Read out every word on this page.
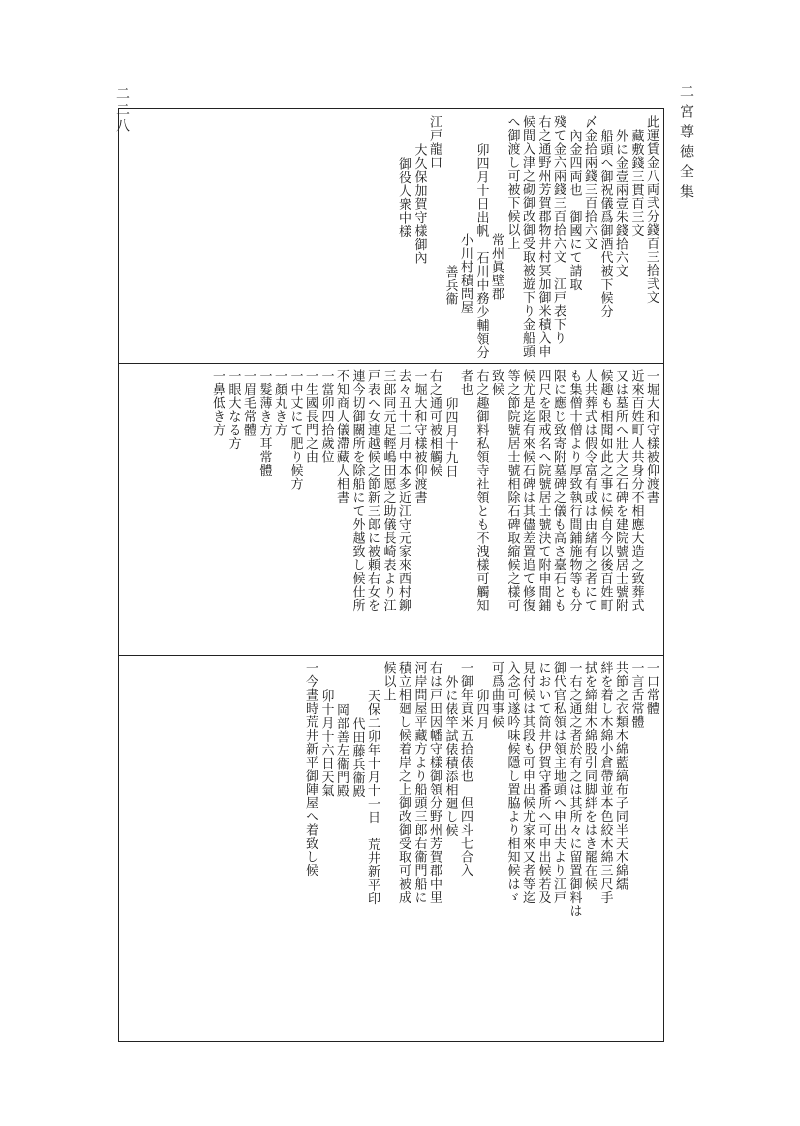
二宮尊徳全集
二二八
此運賃金八両弐分錢百三拾弐文
藏敷錢三貫百三文
外に金壹兩壹朱錢拾六文
船頭へ御祝儀爲御酒代被下候分
〆金拾兩錢三百拾六文
內金四両也　御國にて請取
殘て金六兩錢三百拾六文　江戸表下り
右之通野州芳賀郡物井村冥加御米積入申
候間入津之砌御改御受取被遊下り金船頭
へ御渡し可被下候以上
常州眞壁郡
卯四月十日出帆　石川中務少輔領分
小川村積問屋
善兵衞
江戸龍口
大久保加賀守樣御內
御役人衆中樣
一堀大和守樣被仰渡書
近來百姓町人共身分不相應大造之致葬式
又は墓所へ壯大之石碑を建院號居士號附
候趣も相聞如此之事に候自今以後百姓町
人共葬式は假令富有或は由緒有之者にて
も集僧十僧より厚致執行間鋪施物等も分
限に應じ致寄附墓碑之儀も高さ臺石とも
四尺を限戒名へ院號居士號決て附申間鋪
候尤是迄有來候石碑は其儘差置追て修復
等之節院號居士號相除石碑取縮候之樣可
致候
右之趣御料私領寺社領とも不洩樣可觸知
者也
卯四月十九日
右之通可被相觸候
一堀大和守樣被仰渡書
去々丑十二月中本多近江守元家來西村鉚
三郎同元足輕嶋田愿之助儀長崎表より江
戸表へ女連越候之節新三郎に被頼右女を
連今切御關所を除船にて外越致し候仕所
不知商人儀滯藏人相書
一當卯四拾歲位
一生國長門之由
一中丈にて肥り候方
一顏丸き方
一髮薄き方耳常體
一眉毛常體
一眼大なる方
一鼻低き方
一口常體
一言舌常體
共節之衣類木綿藍縞布子同半天木綿繻
絆を着し木綿小倉帶並本色絞木綿三尺手
拭を締紺木綿股引同脚絆をはき罷在候
一右之通之者於有之は其所々に留置御料は
御代官私領は領主地頭へ申出夫より江戸
において筒井伊賀守番所へ可申出候若及
見付候は其段も可申出候尤家來又者等迄
入念可遂吟味候隱し置脇より相知候はゞ
可爲曲事候
卯四月
一御年貢米五拾俵也　但四斗七合入
外に俵竿試俵積添相廻し候
右は戸田因幡守樣御領分野州芳賀郡中里
河岸問屋平藏方より船頭三郎右衞門船に
積立相廻し候着岸之上御改御受取可被成
候以上
天保二卯年十月十一日　荒井新平印
代田藤兵衞殿
岡部善左衞門殿
卯十月十六日天氣
一今晝時荒井新平御陣屋へ着致し候
